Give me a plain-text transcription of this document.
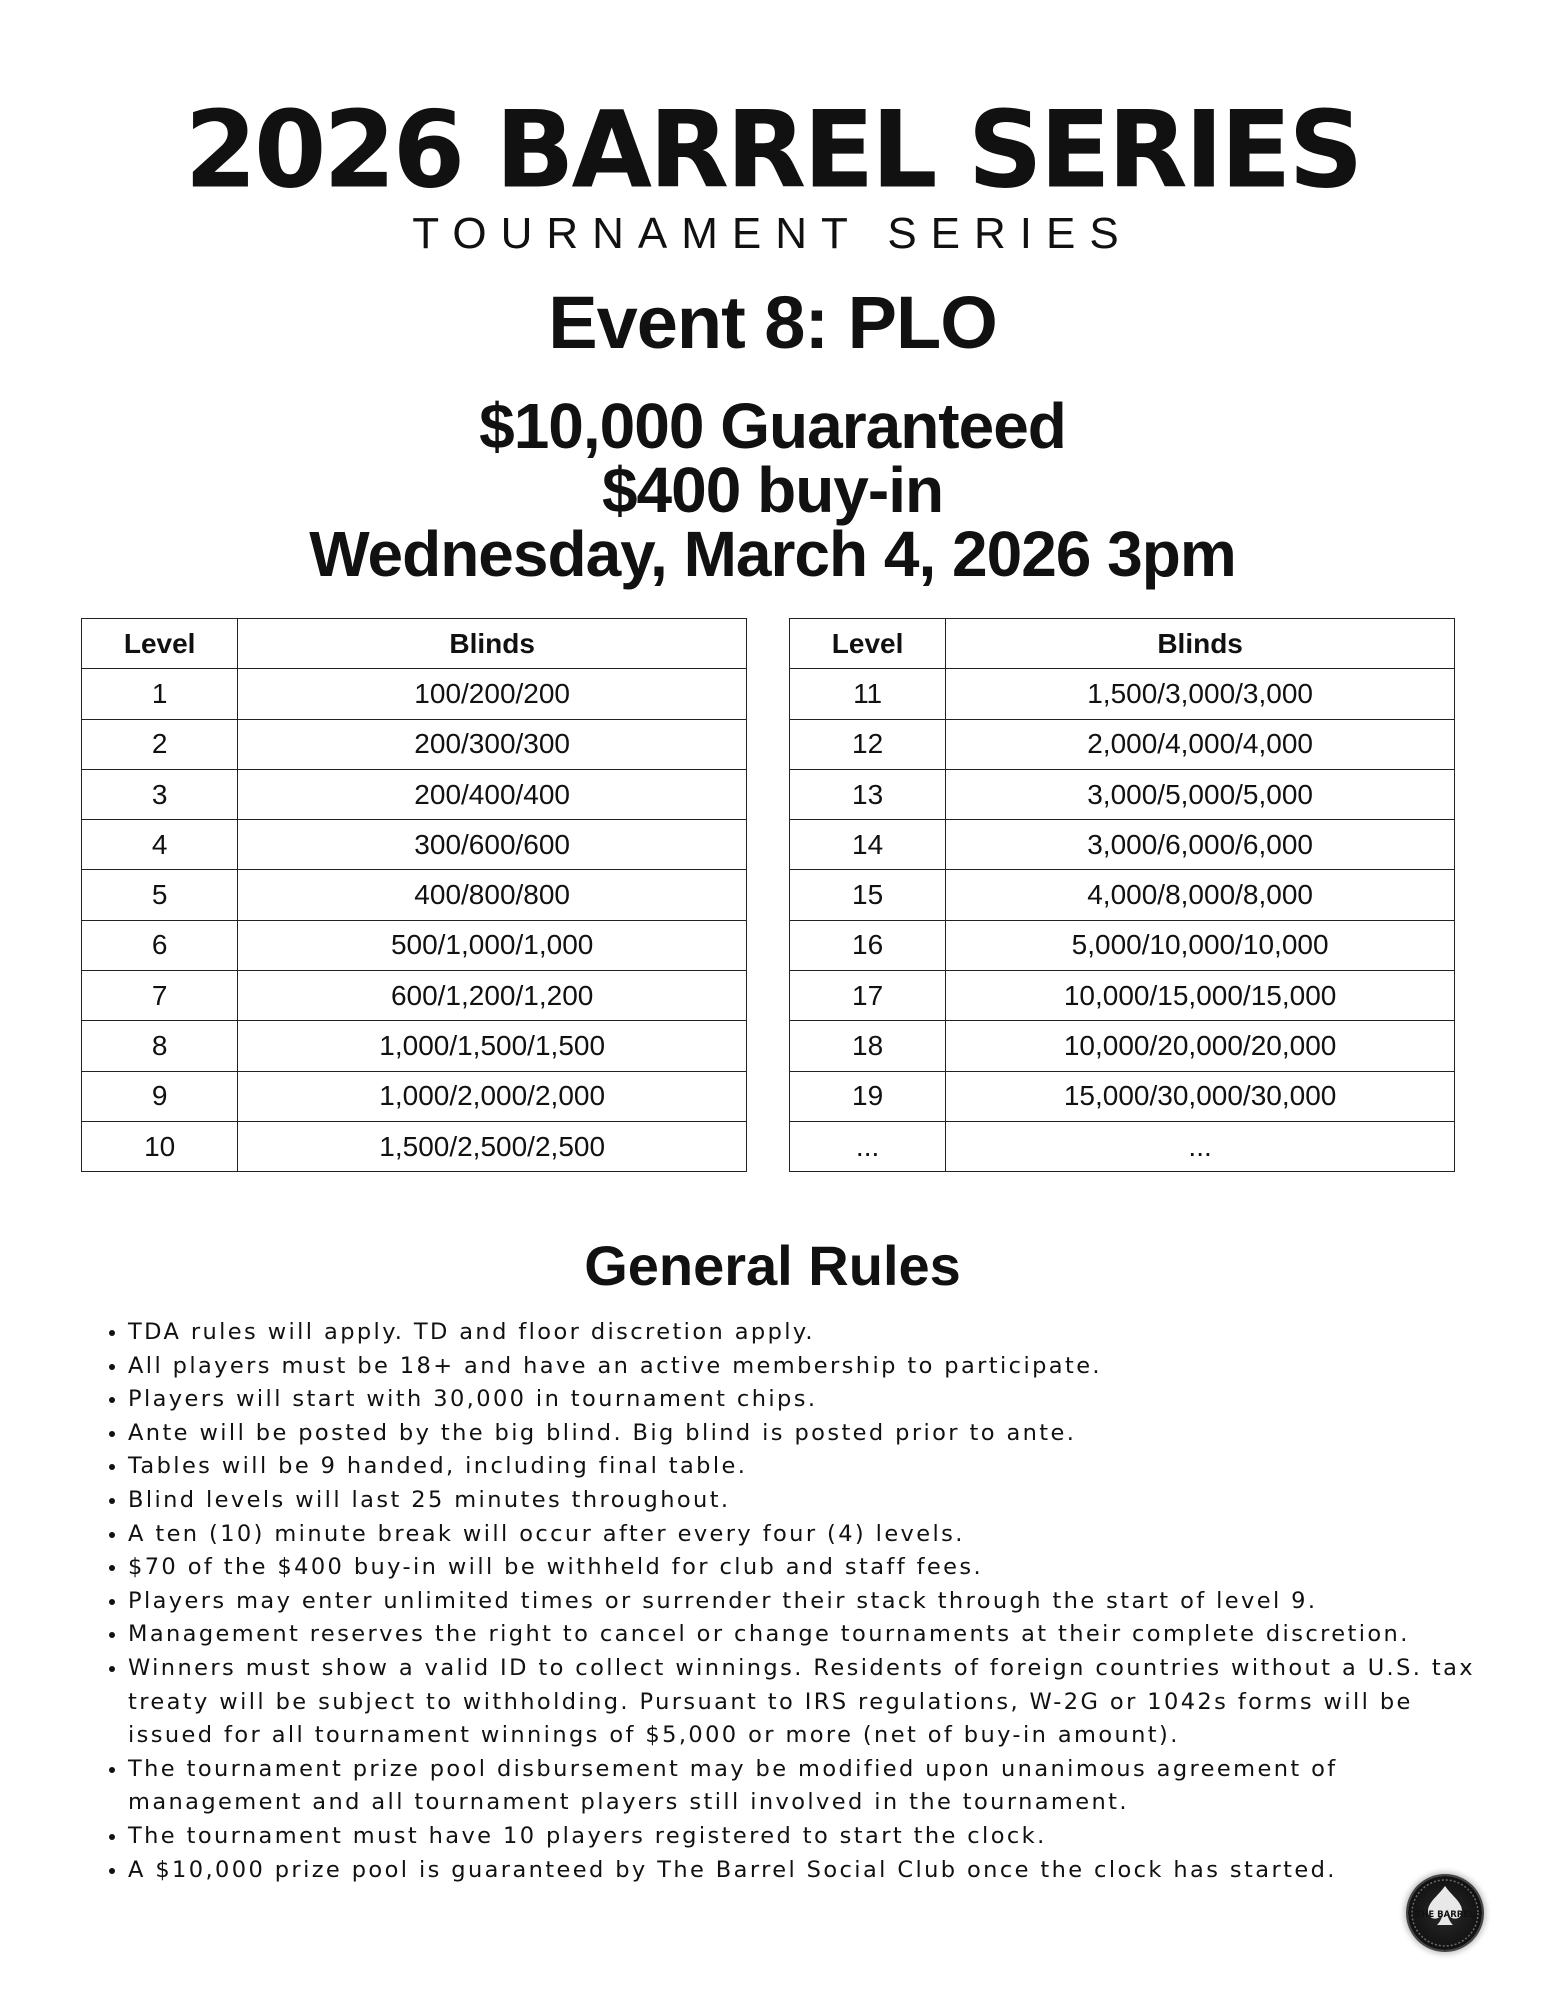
2026 BARREL SERIES
TOURNAMENT SERIES
Event 8: PLO
$10,000 Guaranteed
$400 buy-in
Wednesday, March 4, 2026 3pm
Level	Blinds
1	100/200/200
2	200/300/300
3	200/400/400
4	300/600/600
5	400/800/800
6	500/1,000/1,000
7	600/1,200/1,200
8	1,000/1,500/1,500
9	1,000/2,000/2,000
10	1,500/2,500/2,500
Level	Blinds
11	1,500/3,000/3,000
12	2,000/4,000/4,000
13	3,000/5,000/5,000
14	3,000/6,000/6,000
15	4,000/8,000/8,000
16	5,000/10,000/10,000
17	10,000/15,000/15,000
18	10,000/20,000/20,000
19	15,000/30,000/30,000
...	...
General Rules
• TDA rules will apply. TD and floor discretion apply.
• All players must be 18+ and have an active membership to participate.
• Players will start with 30,000 in tournament chips.
• Ante will be posted by the big blind. Big blind is posted prior to ante.
• Tables will be 9 handed, including final table.
• Blind levels will last 25 minutes throughout.
• A ten (10) minute break will occur after every four (4) levels.
• $70 of the $400 buy-in will be withheld for club and staff fees.
• Players may enter unlimited times or surrender their stack through the start of level 9.
• Management reserves the right to cancel or change tournaments at their complete discretion.
• Winners must show a valid ID to collect winnings. Residents of foreign countries without a U.S. tax treaty will be subject to withholding. Pursuant to IRS regulations, W-2G or 1042s forms will be issued for all tournament winnings of $5,000 or more (net of buy-in amount).
• The tournament prize pool disbursement may be modified upon unanimous agreement of management and all tournament players still involved in the tournament.
• The tournament must have 10 players registered to start the clock.
• A $10,000 prize pool is guaranteed by The Barrel Social Club once the clock has started.
THE BARREL
